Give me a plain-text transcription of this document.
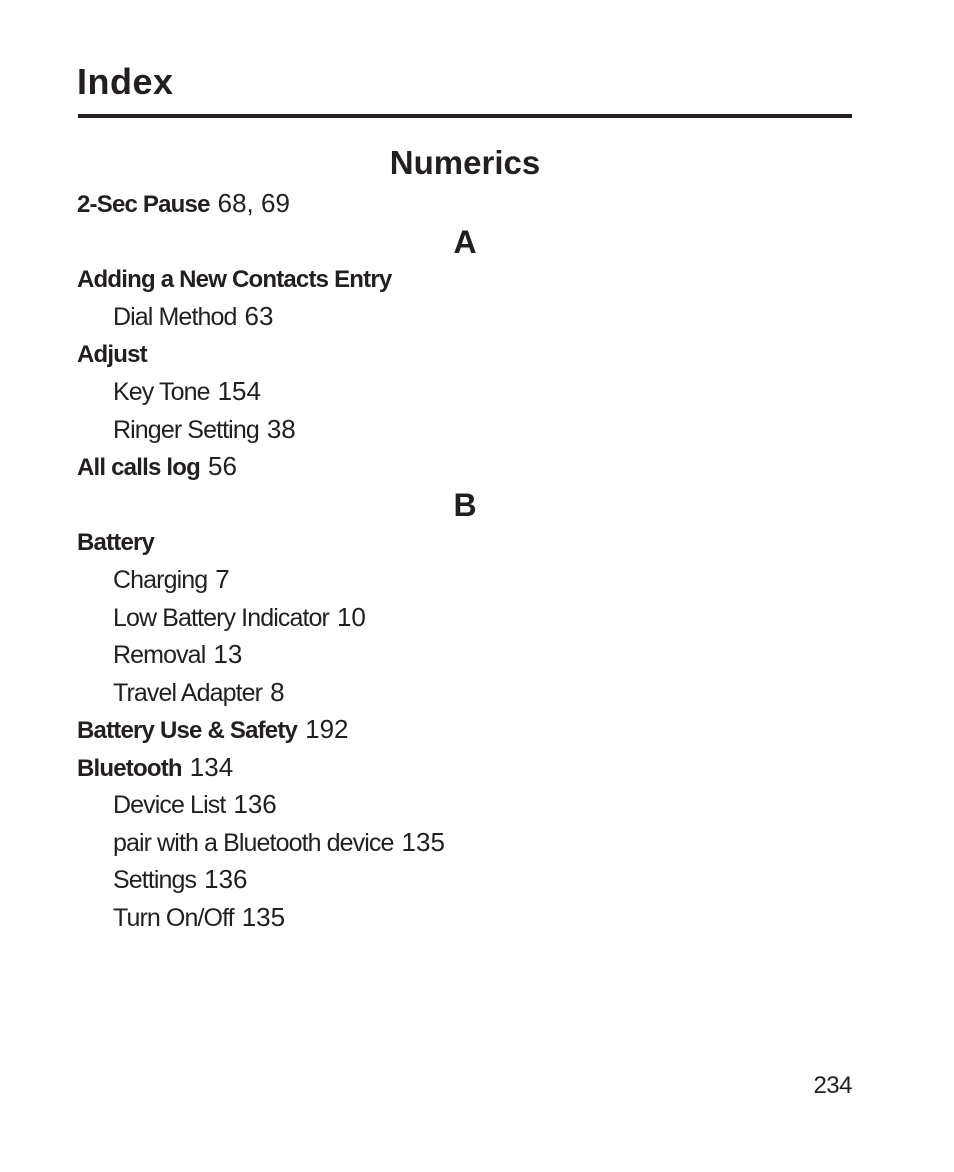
Index
Numerics
2-Sec Pause 68, 69
A
Adding a New Contacts Entry
Dial Method 63
Adjust
Key Tone 154
Ringer Setting 38
All calls log 56
B
Battery
Charging 7
Low Battery Indicator 10
Removal 13
Travel Adapter 8
Battery Use & Safety 192
Bluetooth 134
Device List 136
pair with a Bluetooth device 135
Settings 136
Turn On/Off 135
234
